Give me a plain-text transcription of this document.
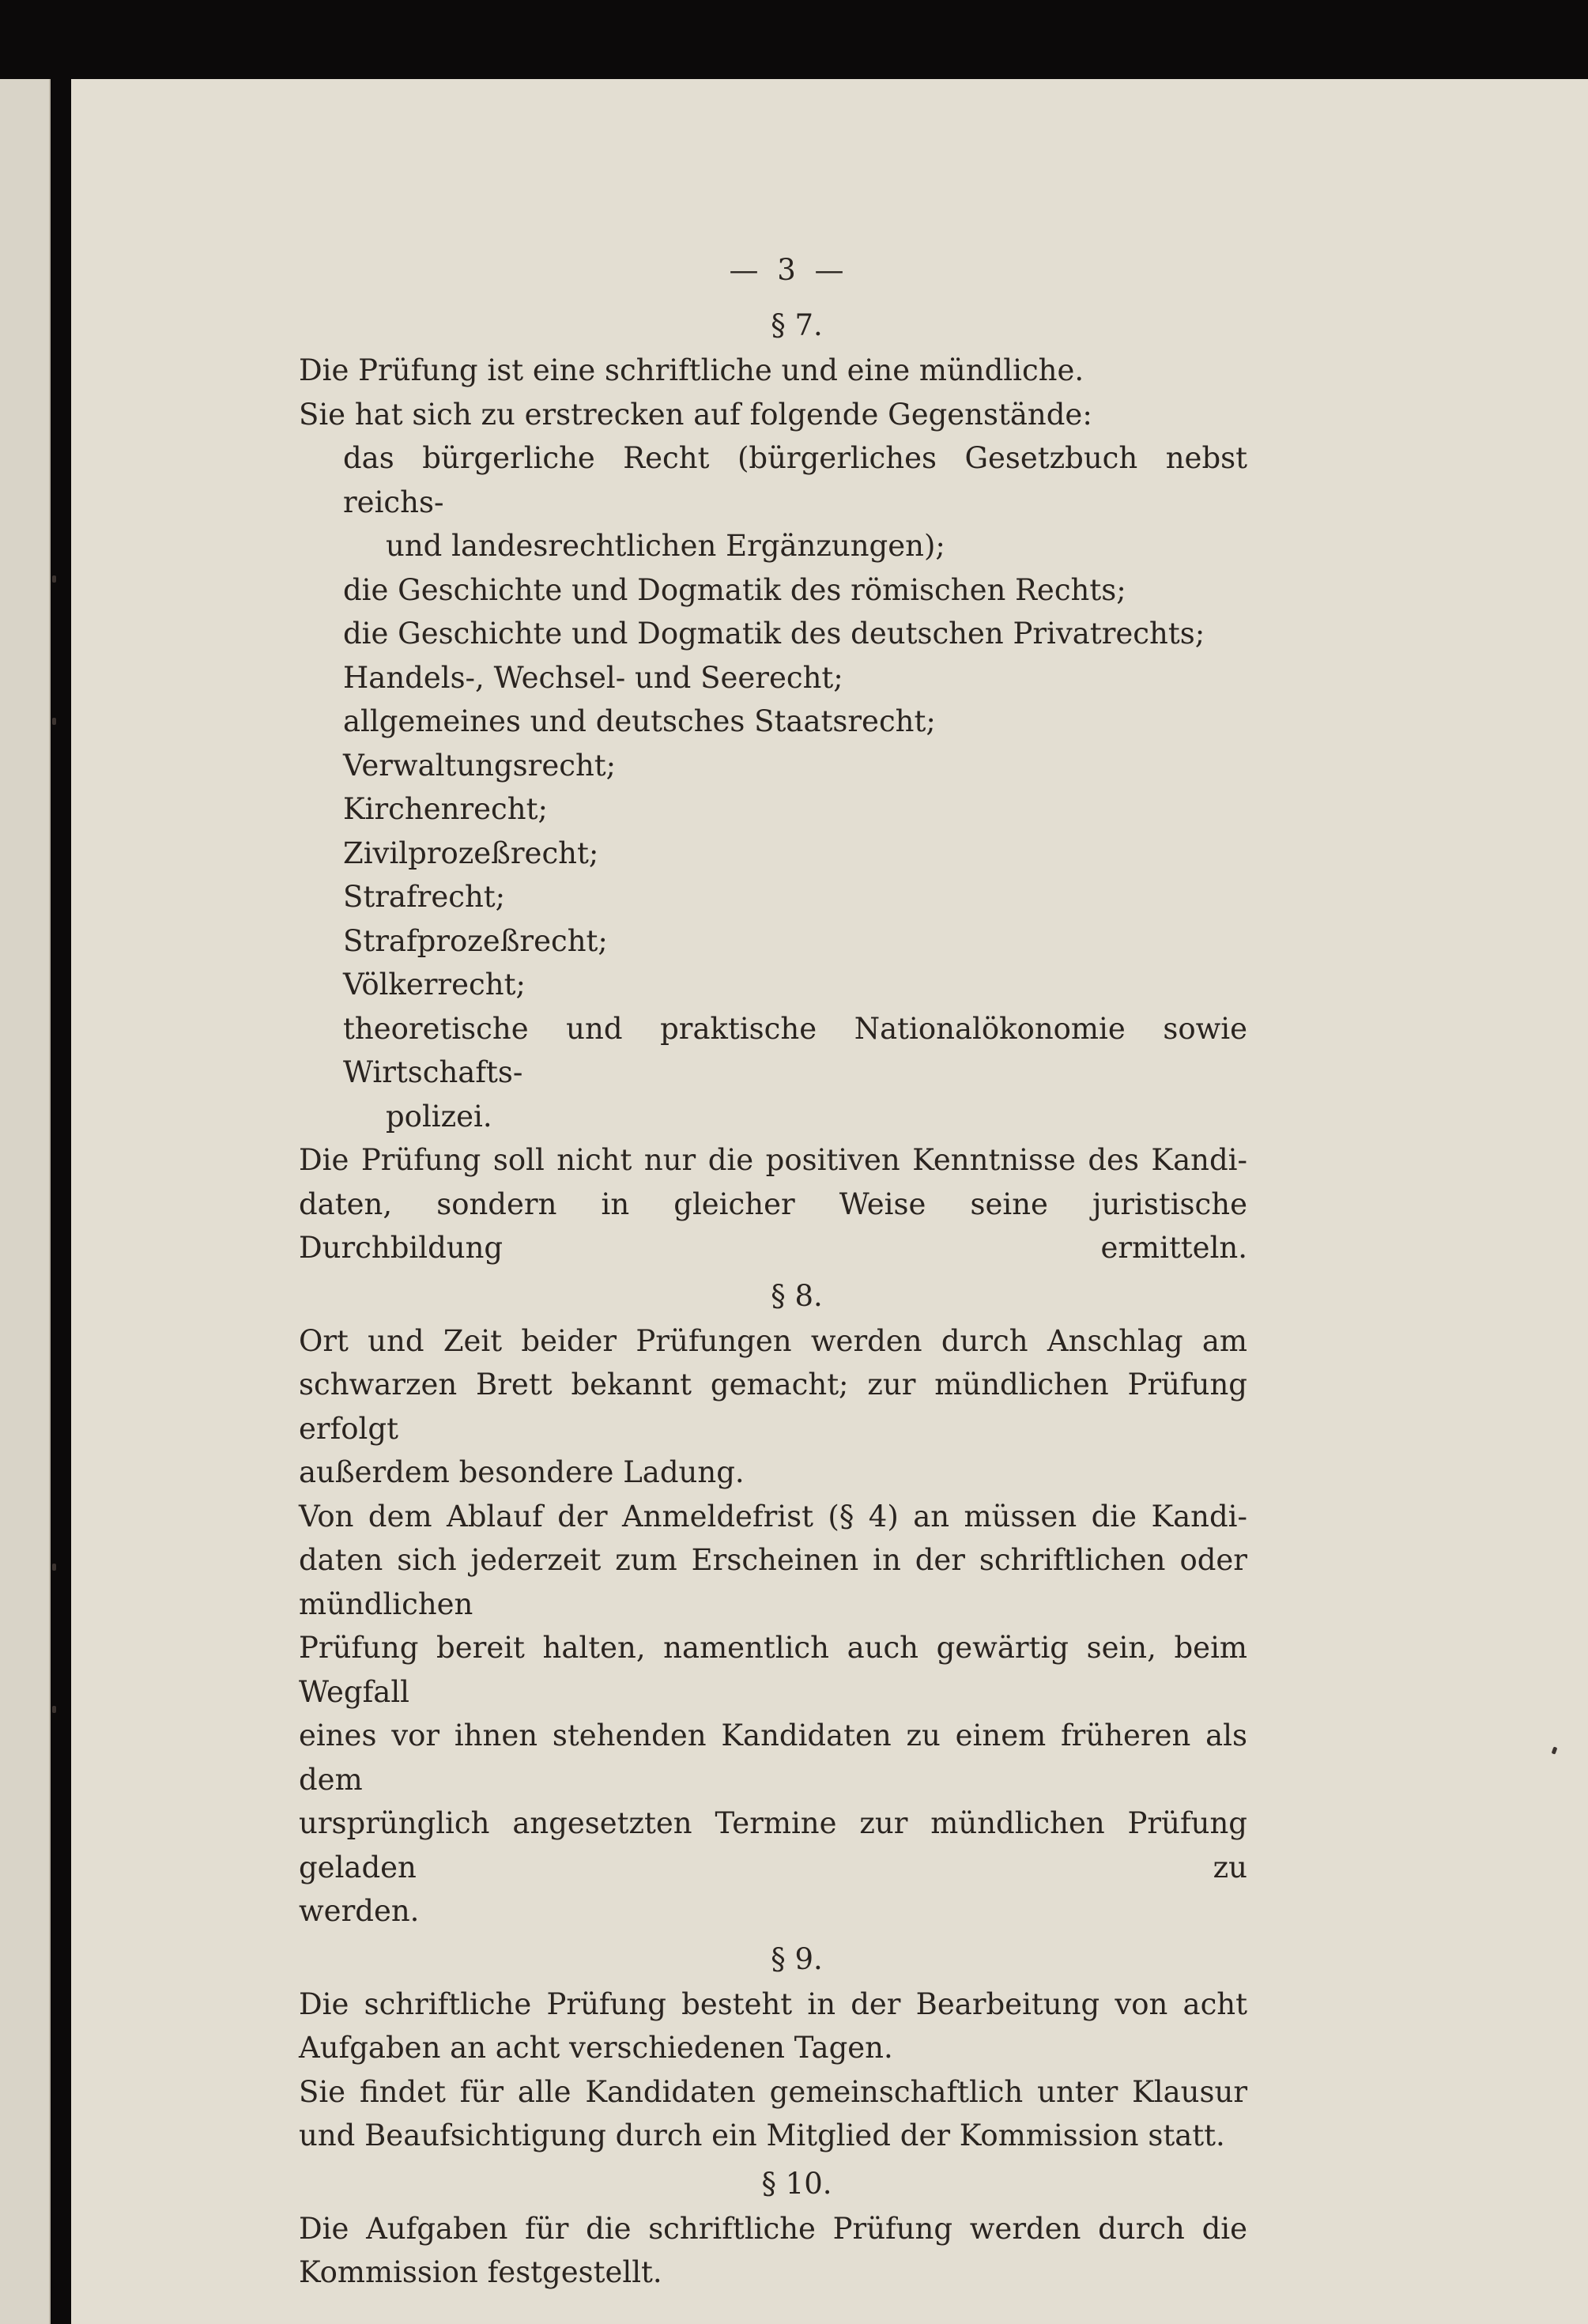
— 3 —
§ 7.
Die Prüfung ist eine schriftliche und eine mündliche.
Sie hat sich zu erstrecken auf folgende Gegenstände:
das bürgerliche Recht (bürgerliches Gesetzbuch nebst reichs-
und landesrechtlichen Ergänzungen);
die Geschichte und Dogmatik des römischen Rechts;
die Geschichte und Dogmatik des deutschen Privatrechts;
Handels-, Wechsel- und Seerecht;
allgemeines und deutsches Staatsrecht;
Verwaltungsrecht;
Kirchenrecht;
Zivilprozeßrecht;
Strafrecht;
Strafprozeßrecht;
Völkerrecht;
theoretische und praktische Nationalökonomie sowie Wirtschafts-
polizei.
Die Prüfung soll nicht nur die positiven Kenntnisse des Kandi-
daten, sondern in gleicher Weise seine juristische Durchbildung ermitteln.
§ 8.
Ort und Zeit beider Prüfungen werden durch Anschlag am
schwarzen Brett bekannt gemacht; zur mündlichen Prüfung erfolgt
außerdem besondere Ladung.
Von dem Ablauf der Anmeldefrist (§ 4) an müssen die Kandi-
daten sich jederzeit zum Erscheinen in der schriftlichen oder mündlichen
Prüfung bereit halten, namentlich auch gewärtig sein, beim Wegfall
eines vor ihnen stehenden Kandidaten zu einem früheren als dem
ursprünglich angesetzten Termine zur mündlichen Prüfung geladen zu
werden.
§ 9.
Die schriftliche Prüfung besteht in der Bearbeitung von acht
Aufgaben an acht verschiedenen Tagen.
Sie findet für alle Kandidaten gemeinschaftlich unter Klausur
und Beaufsichtigung durch ein Mitglied der Kommission statt.
§ 10.
Die Aufgaben für die schriftliche Prüfung werden durch die
Kommission festgestellt.
